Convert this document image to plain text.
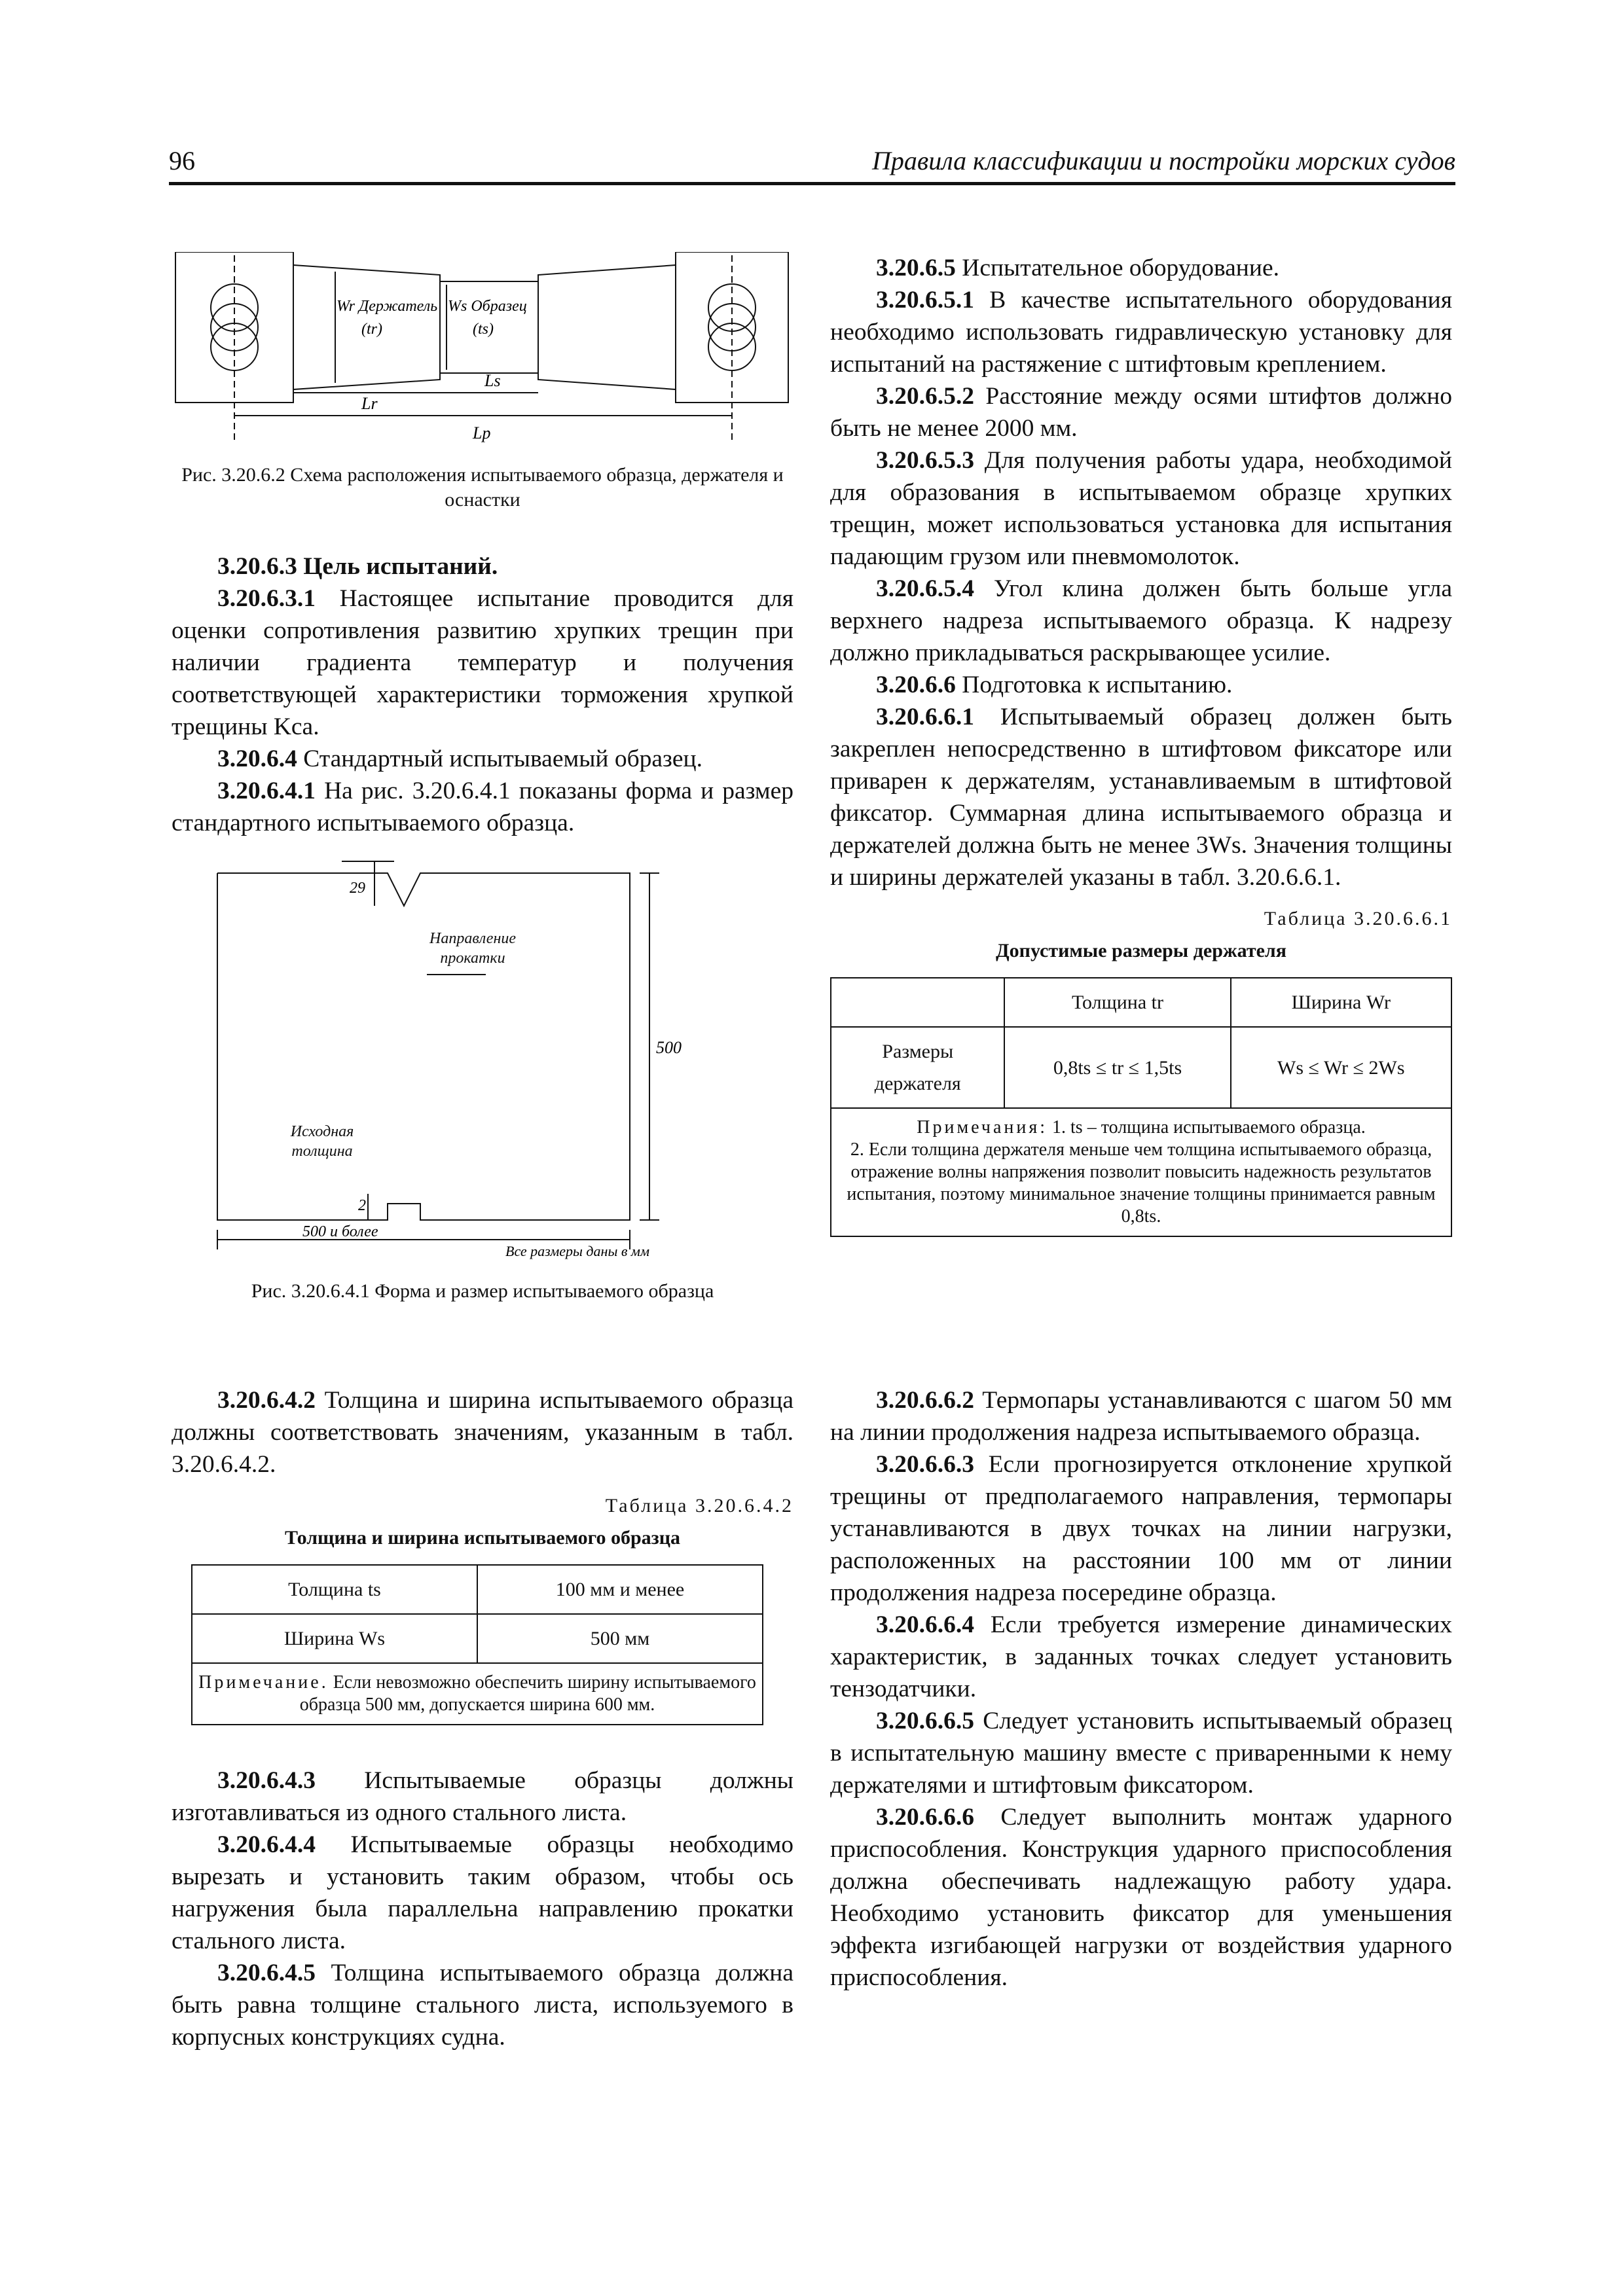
96	Правила классификации и постройки морских судов
Wr Держатель
(tr)
Ws Образец
(ts)
Lr
Ls
Lp

Рис. 3.20.6.2 Схема расположения испытываемого образца, держателя и оснастки

3.20.6.3 Цель испытаний.

3.20.6.3.1 Настоящее испытание проводится для оценки сопротивления развитию хрупких трещин при наличии градиента температур и получения соответствующей характеристики торможения хрупкой трещины Kca.

3.20.6.4 Стандартный испытываемый образец.

3.20.6.4.1 На рис. 3.20.6.4.1 показаны форма и размер стандартного испытываемого образца.

29
Направление прокатки
500
Исходная толщина
2
500 и более
Все размеры даны в мм

Рис. 3.20.6.4.1 Форма и размер испытываемого образца

3.20.6.5 Испытательное оборудование.

3.20.6.5.1 В качестве испытательного оборудования необходимо использовать гидравлическую установку для испытаний на растяжение с штифтовым креплением.

3.20.6.5.2 Расстояние между осями штифтов должно быть не менее 2000 мм.

3.20.6.5.3 Для получения работы удара, необходимой для образования в испытываемом образце хрупких трещин, может использоваться установка для испытания падающим грузом или пневмомолоток.

3.20.6.5.4 Угол клина должен быть больше угла верхнего надреза испытываемого образца. К надрезу должно прикладываться раскрывающее усилие.

3.20.6.6 Подготовка к испытанию.

3.20.6.6.1 Испытываемый образец должен быть закреплен непосредственно в штифтовом фиксаторе или приварен к держателям, устанавливаемым в штифтовой фиксатор. Суммарная длина испытываемого образца и держателей должна быть не менее 3Ws. Значения толщины и ширины держателей указаны в табл. 3.20.6.6.1.

Таблица 3.20.6.6.1

Допустимые размеры держателя

	Толщина tr	Ширина Wr
Размеры держателя	0,8ts ≤ tr ≤ 1,5ts	Ws ≤ Wr ≤ 2Ws
Примечания: 1. ts – толщина испытываемого образца.
2. Если толщина держателя меньше чем толщина испытываемого образца, отражение волны напряжения позволит повысить надежность результатов испытания, поэтому минимальное значение толщины принимается равным 0,8ts.		

3.20.6.4.2 Толщина и ширина испытываемого образца должны соответствовать значениям, указанным в табл. 3.20.6.4.2.

Таблица 3.20.6.4.2

Толщина и ширина испытываемого образца

Толщина ts	100 мм и менее
Ширина Ws	500 мм
Примечание. Если невозможно обеспечить ширину испытываемого образца 500 мм, допускается ширина 600 мм.	

3.20.6.4.3 Испытываемые образцы должны изготавливаться из одного стального листа.

3.20.6.4.4 Испытываемые образцы необходимо вырезать и установить таким образом, чтобы ось нагружения была параллельна направлению прокатки стального листа.

3.20.6.4.5 Толщина испытываемого образца должна быть равна толщине стального листа, используемого в корпусных конструкциях судна.

3.20.6.6.2 Термопары устанавливаются с шагом 50 мм на линии продолжения надреза испытываемого образца.

3.20.6.6.3 Если прогнозируется отклонение хрупкой трещины от предполагаемого направления, термопары устанавливаются в двух точках на линии нагрузки, расположенных на расстоянии 100 мм от линии продолжения надреза посередине образца.

3.20.6.6.4 Если требуется измерение динамических характеристик, в заданных точках следует установить тензодатчики.

3.20.6.6.5 Следует установить испытываемый образец в испытательную машину вместе с приваренными к нему держателями и штифтовым фиксатором.

3.20.6.6.6 Следует выполнить монтаж ударного приспособления. Конструкция ударного приспособления должна обеспечивать надлежащую работу удара. Необходимо установить фиксатор для уменьшения эффекта изгибающей нагрузки от воздействия ударного приспособления.
